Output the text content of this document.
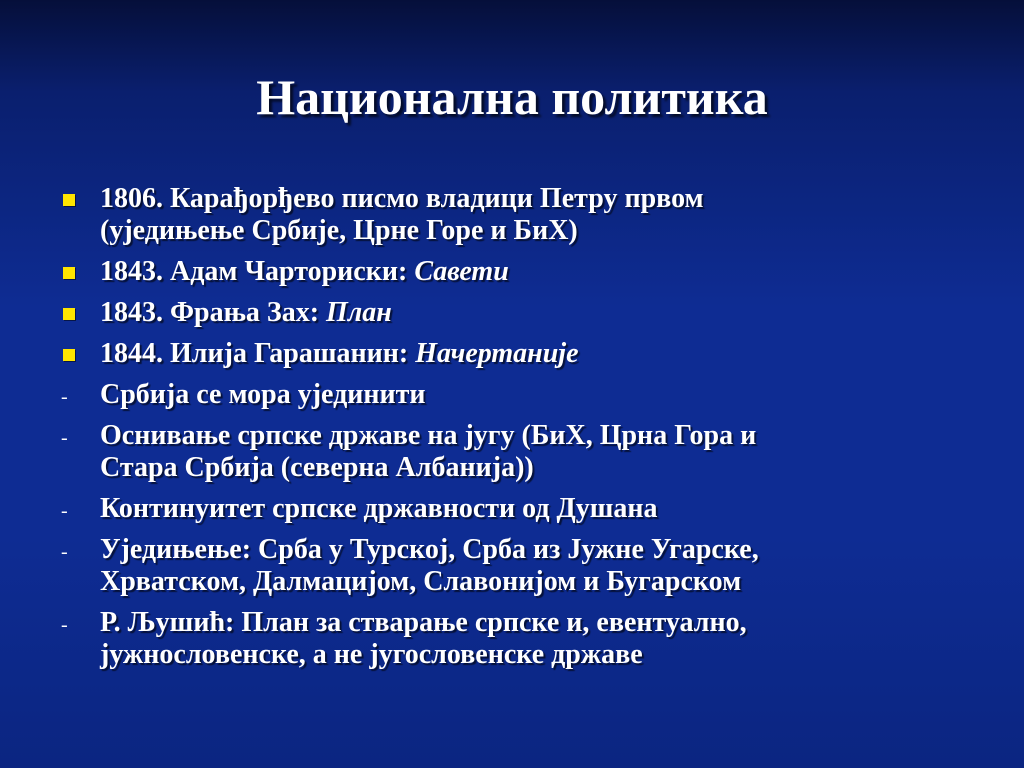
Национална политика
1806. Карађорђево писмо владици Петру првом
(уједињење Србије, Црне Горе и БиХ)
1843. Адам Чарториски: Савети
1843. Фрања Зах: План
1844. Илија Гарашанин: Начертаније
- Србија се мора ујединити
- Оснивање српске државе на југу (БиХ, Црна Гора и
Стара Србија (северна Албанија))
- Континуитет српске државности од Душана
- Уједињење: Срба у Турској, Срба из Јужне Угарске,
Хрватском, Далмацијом, Славонијом и Бугарском
- Р. Љушић: План за стварање српске и, евентуално,
јужнословенске, а не југословенске државе
